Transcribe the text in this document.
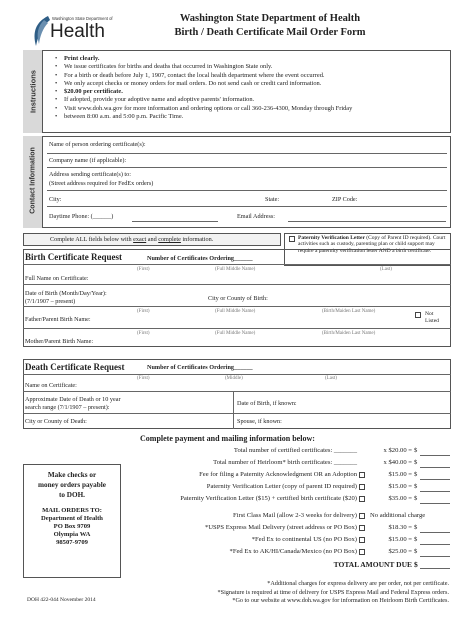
Washington State Department of
Health
Washington State Department of Health
Birth / Death Certificate Mail Order Form
Instructions
• Print clearly.
• We issue certificates for births and deaths that occurred in Washington State only.
• For a birth or death before July 1, 1907, contact the local health department where the event occurred.
• We only accept checks or money orders for mail orders. Do not send cash or credit card information.
• $20.00 per certificate.
• If adopted, provide your adoptive name and adoptive parents' information.
• Visit www.doh.wa.gov for more information and ordering options or call 360-236-4300, Monday through Friday
• between 8:00 a.m. and 5:00 p.m. Pacific Time.
Contact Information
Name of person ordering certificate(s):
Company name (if applicable):
Address sending certificate(s) to:
(Street address required for FedEx orders)
City:	State:	ZIP Code:
Daytime Phone: (______)	Email Address:
Complete ALL fields below with exact and complete information.	Paternity Verification Letter (Copy of Parent ID required). Court activities such as custody, parenting plan or child support may require a paternity verification letter AND a birth certificate.
Birth Certificate Request	Number of Certificates Ordering______
(First)	(Full Middle Name)	(Last)
Full Name on Certificate:
Date of Birth (Month/Day/Year):
(7/1/1907 – present)	City or County of Birth:
(First)	(Full Middle Name)	(Birth/Maiden Last Name)
Father/Parent Birth Name:
Not Listed
(First)	(Full Middle Name)	(Birth/Maiden Last Name)
Mother/Parent Birth Name:
Death Certificate Request	Number of Certificates Ordering______
(First)	(Middle)	(Last)
Name on Certificate:
Approximate Date of Death or 10 year
search range (7/1/1907 – present):
Date of Birth, if known:
City or County of Death:	Spouse, if known:
Complete payment and mailing information below:
Total number of certified certificates: _______	x $20.00 = $
Total number of Heirloom* birth certificates: _______	x $40.00 = $
Fee for filing a Paternity Acknowledgment OR an Adoption	$15.00 = $
Paternity Verification Letter (copy of parent ID required)	$15.00 = $
Paternity Verification Letter ($15) + certified birth certificate ($20)	$35.00 = $
First Class Mail (allow 2-3 weeks for delivery) No additional charge
*USPS Express Mail Delivery (street address or PO Box)	$18.30 = $
*Fed Ex to continental US (no PO Box)	$15.00 = $
*Fed Ex to AK/HI/Canada/Mexico (no PO Box)	$25.00 = $
TOTAL AMOUNT DUE $
Make checks or
money orders payable
to DOH.
MAIL ORDERS TO:
Department of Health
PO Box 9709
Olympia WA
98507-9709
*Additional charges for express delivery are per order, not per certificate.
*Signature is required at time of delivery for USPS Express Mail and Federal Express orders.
DOH 422-044 November 2014	*Go to our website at www.doh.wa.gov for information on Heirloom Birth Certificates.
